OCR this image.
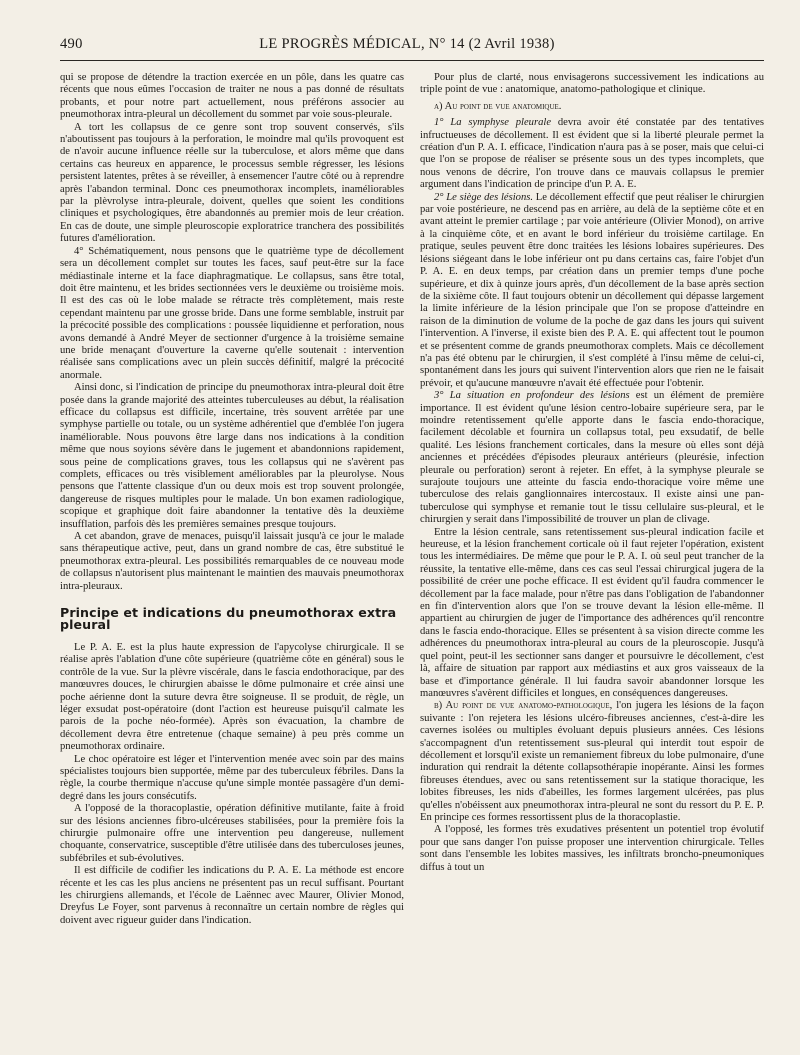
490	LE PROGRÈS MÉDICAL, N° 14 (2 Avril 1938)

qui se propose de détendre la traction exercée en un pôle, dans les quatre cas récents que nous eûmes l'occasion de traiter ne nous a pas donné de résultats probants, et pour notre part actuellement, nous préférons associer au pneumothorax intra-pleural un décollement du sommet par voie sous-pleurale.

A tort les collapsus de ce genre sont trop souvent conservés, s'ils n'aboutissent pas toujours à la perforation, le moindre mal qu'ils provoquent est de n'avoir aucune influence réelle sur la tuberculose, et alors même que dans certains cas heureux en apparence, le processus semble régresser, les lésions persistent latentes, prêtes à se réveiller, à ensemencer l'autre côté ou à reprendre après l'abandon terminal. Donc ces pneumothorax incomplets, inaméliorables par la plèvrolyse intra-pleurale, doivent, quelles que soient les conditions cliniques et psychologiques, être abandonnés au premier mois de leur création. En cas de doute, une simple pleuroscopie exploratrice tranchera des possibilités futures d'amélioration.

4° Schématiquement, nous pensons que le quatrième type de décollement sera un décollement complet sur toutes les faces, sauf peut-être sur la face médiastinale interne et la face diaphragmatique. Le collapsus, sans être total, doit être maintenu, et les brides sectionnées vers le deuxième ou troisième mois. Il est des cas où le lobe malade se rétracte très complètement, mais reste cependant maintenu par une grosse bride. Dans une forme semblable, instruit par la précocité possible des complications : poussée liquidienne et perforation, nous avons demandé à André Meyer de sectionner d'urgence à la troisième semaine une bride menaçant d'ouverture la caverne qu'elle soutenait : intervention réalisée sans complications avec un plein succès définitif, malgré la précocité anormale.

Ainsi donc, si l'indication de principe du pneumothorax intra-pleural doit être posée dans la grande majorité des atteintes tuberculeuses au début, la réalisation efficace du collapsus est difficile, incertaine, très souvent arrêtée par une symphyse partielle ou totale, ou un système adhérentiel que d'emblée l'on jugera inaméliorable. Nous pouvons être large dans nos indications à la condition même que nous soyions sévère dans le jugement et abandonnions rapidement, sous peine de complications graves, tous les collapsus qui ne s'avèrent pas complets, efficaces ou très visiblement améliorables par la pleurolyse. Nous pensons que l'attente classique d'un ou deux mois est trop souvent prolongée, dangereuse de risques multiples pour le malade. Un bon examen radiologique, scopique et graphique doit faire abandonner la tentative dès la deuxième insufflation, parfois dès les premières semaines presque toujours.

A cet abandon, grave de menaces, puisqu'il laissait jusqu'à ce jour le malade sans thérapeutique active, peut, dans un grand nombre de cas, être substitué le pneumothorax extra-pleural. Les possibilités remarquables de ce nouveau mode de collapsus n'autorisent plus maintenant le maintien des mauvais pneumothorax intra-pleuraux.

Principe et indications du pneumothorax extra pleural

Le P. A. E. est la plus haute expression de l'apycolyse chirurgicale. Il se réalise après l'ablation d'une côte supérieure (quatrième côte en général) sous le contrôle de la vue. Sur la plèvre viscérale, dans le fascia endothoracique, par des manœuvres douces, le chirurgien abaisse le dôme pulmonaire et crée ainsi une poche aérienne dont la suture devra être soigneuse. Il se produit, de règle, un léger exsudat post-opératoire (dont l'action est heureuse puisqu'il calmate les parois de la poche néo-formée). Après son évacuation, la chambre de décollement devra être entretenue (chaque semaine) à peu près comme un pneumothorax ordinaire.

Le choc opératoire est léger et l'intervention menée avec soin par des mains spécialistes toujours bien supportée, même par des tuberculeux fébriles. Dans la règle, la courbe thermique n'accuse qu'une simple montée passagère d'un demi-degré dans les jours consécutifs.

A l'opposé de la thoracoplastie, opération définitive mutilante, faite à froid sur des lésions anciennes fibro-ulcéreuses stabilisées, pour la première fois la chirurgie pulmonaire offre une intervention peu dangereuse, nullement choquante, conservatrice, susceptible d'être utilisée dans des tuberculoses jeunes, subfébriles et sub-évolutives.

Il est difficile de codifier les indications du P. A. E. La méthode est encore récente et les cas les plus anciens ne présentent pas un recul suffisant. Pourtant les chirurgiens allemands, et l'école de Laënnec avec Maurer, Olivier Monod, Dreyfus Le Foyer, sont parvenus à reconnaître un certain nombre de règles qui doivent avec rigueur guider dans l'indication.

Pour plus de clarté, nous envisagerons successivement les indications au triple point de vue : anatomique, anatomo-pathologique et clinique.

a) Au point de vue anatomique.

1° La symphyse pleurale devra avoir été constatée par des tentatives infructueuses de décollement. Il est évident que si la liberté pleurale permet la création d'un P. A. I. efficace, l'indication n'aura pas à se poser, mais que celui-ci que l'on se propose de réaliser se présente sous un des types incomplets, que nous venons de décrire, l'on trouve dans ce mauvais collapsus le premier argument dans l'indication de principe d'un P. A. E.

2° Le siège des lésions. Le décollement effectif que peut réaliser le chirurgien par voie postérieure, ne descend pas en arrière, au delà de la septième côte et en avant atteint le premier cartilage ; par voie antérieure (Olivier Monod), on arrive à la cinquième côte, et en avant le bord inférieur du troisième cartilage. En pratique, seules peuvent être donc traitées les lésions lobaires supérieures. Des lésions siégeant dans le lobe inférieur ont pu dans certains cas, faire l'objet d'un P. A. E. en deux temps, par création dans un premier temps d'une poche supérieure, et dix à quinze jours après, d'un décollement de la base après section de la sixième côte. Il faut toujours obtenir un décollement qui dépasse largement la limite inférieure de la lésion principale que l'on se propose d'atteindre en raison de la diminution de volume de la poche de gaz dans les jours qui suivent l'intervention. A l'inverse, il existe bien des P. A. E. qui affectent tout le poumon et se présentent comme de grands pneumothorax complets. Mais ce décollement n'a pas été obtenu par le chirurgien, il s'est complété à l'insu même de celui-ci, spontanément dans les jours qui suivent l'intervention alors que rien ne le faisait prévoir, et qu'aucune manœuvre n'avait été effectuée pour l'obtenir.

3° La situation en profondeur des lésions est un élément de première importance. Il est évident qu'une lésion centro-lobaire supérieure sera, par le moindre retentissement qu'elle apporte dans le fascia endo-thoracique, facilement décolable et fournira un collapsus total, peu exsudatif, de belle qualité. Les lésions franchement corticales, dans la mesure où elles sont déjà anciennes et précédées d'épisodes pleuraux antérieurs (pleurésie, infection pleurale ou perforation) seront à rejeter. En effet, à la symphyse pleurale se surajoute toujours une atteinte du fascia endo-thoracique voire même une tuberculose des relais ganglionnaires intercostaux. Il existe ainsi une pan-tuberculose qui symphyse et remanie tout le tissu cellulaire sus-pleural, et le chirurgien y serait dans l'impossibilité de trouver un plan de clivage.

Entre la lésion centrale, sans retentissement sus-pleural indication facile et heureuse, et la lésion franchement corticale où il faut rejeter l'opération, existent tous les intermédiaires. De même que pour le P. A. I. où seul peut trancher de la réussite, la tentative elle-même, dans ces cas seul l'essai chirurgical jugera de la possibilité de créer une poche efficace. Il est évident qu'il faudra commencer le décollement par la face malade, pour n'être pas dans l'obligation de l'abandonner en fin d'intervention alors que l'on se trouve devant la lésion elle-même. Il appartient au chirurgien de juger de l'importance des adhérences qu'il rencontre dans le fascia endo-thoracique. Elles se présentent à sa vision directe comme les adhérences du pneumothorax intra-pleural au cours de la pleuroscopie. Jusqu'à quel point, peut-il les sectionner sans danger et poursuivre le décollement, c'est là, affaire de situation par rapport aux médiastins et aux gros vaisseaux de la base et d'importance générale. Il lui faudra savoir abandonner lorsque les manœuvres s'avèrent difficiles et longues, en conséquences dangereuses.

b) Au point de vue anatomo-pathologique, l'on jugera les lésions de la façon suivante : l'on rejetera les lésions ulcéro-fibreuses anciennes, c'est-à-dire les cavernes isolées ou multiples évoluant depuis plusieurs années. Ces lésions s'accompagnent d'un retentissement sus-pleural qui interdit tout espoir de décollement et lorsqu'il existe un remaniement fibreux du lobe pulmonaire, d'une induration qui rendrait la détente collapsothérapie inopérante. Ainsi les formes fibreuses étendues, avec ou sans retentissement sur la statique thoracique, les lobites fibreuses, les nids d'abeilles, les formes largement ulcérées, pas plus qu'elles n'obéissent aux pneumothorax intra-pleural ne sont du ressort du P. E. P. En principe ces formes ressortissent plus de la thoracoplastie.

A l'opposé, les formes très exudatives présentent un potentiel trop évolutif pour que sans danger l'on puisse proposer une intervention chirurgicale. Telles sont dans l'ensemble les lobites massives, les infiltrats broncho-pneumoniques diffus à tout un
